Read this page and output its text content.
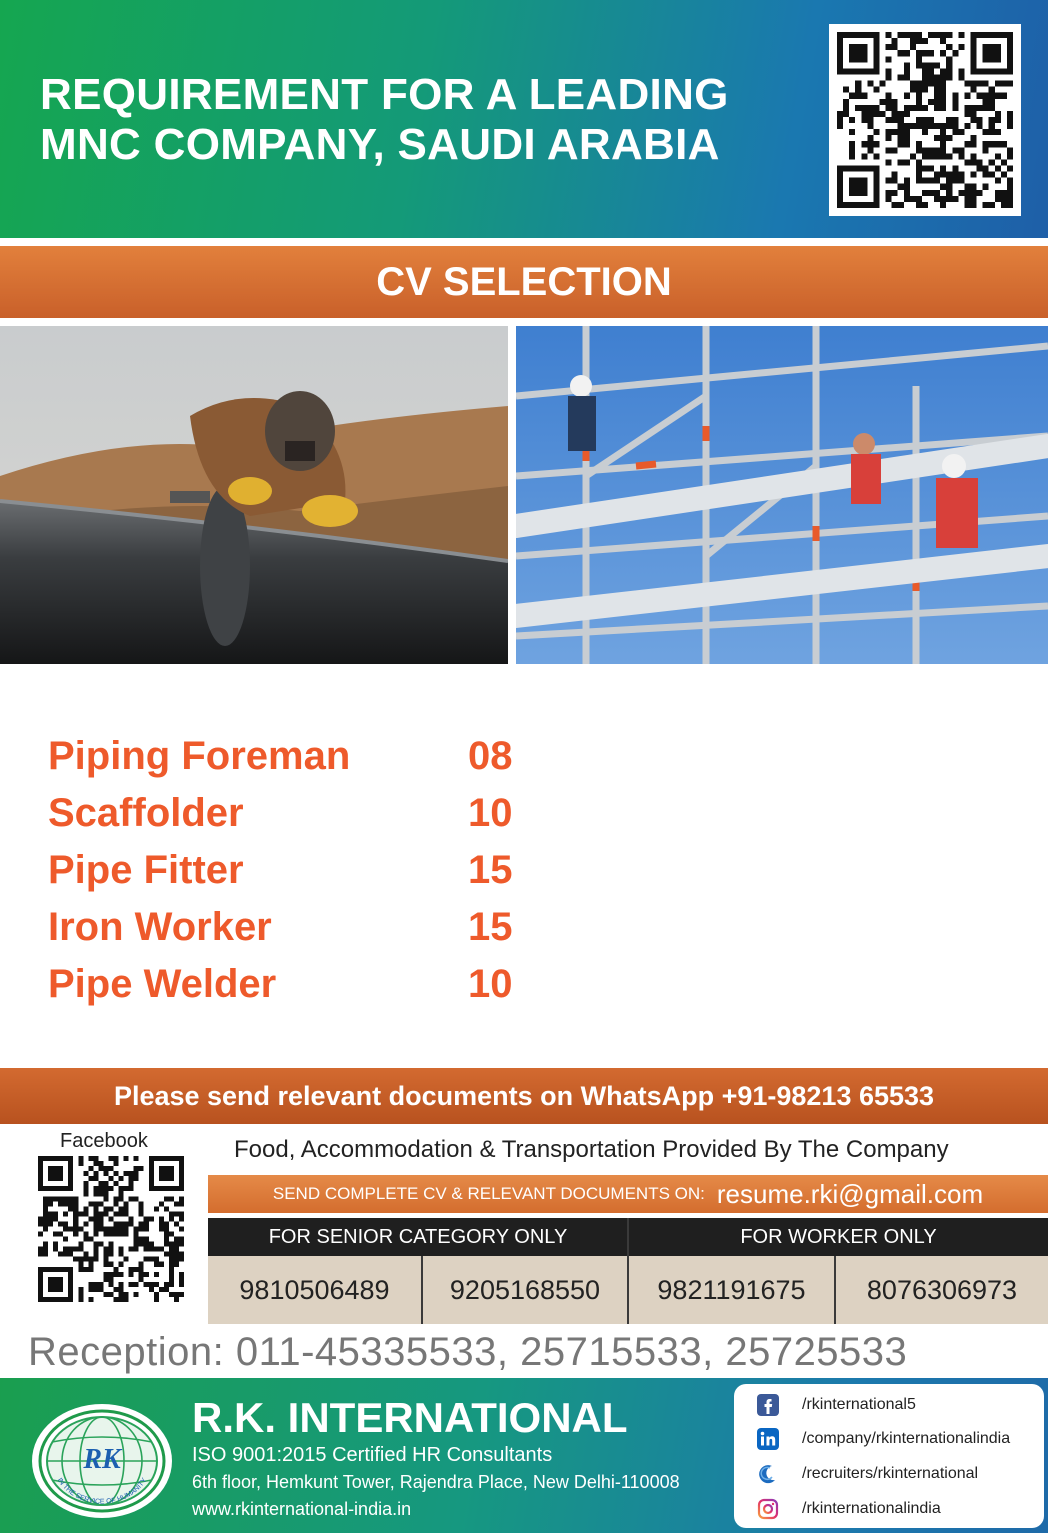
REQUIREMENT FOR A LEADING
MNC COMPANY, SAUDI ARABIA
CV SELECTION
Piping Foreman	08
Scaffolder	10
Pipe Fitter	15
Iron Worker	15
Pipe Welder	10
Please send relevant documents on WhatsApp +91-98213 65533
Facebook	Food, Accommodation & Transportation Provided By The Company
SEND COMPLETE CV & RELEVANT DOCUMENTS ON: resume.rki@gmail.com
FOR SENIOR CATEGORY ONLY	FOR WORKER ONLY
9810506489	9205168550	9821191675	8076306973
Reception: 011-45335533, 25715533, 25725533
RK
IN THE SERVICE OF HUMANITY
R.K. INTERNATIONAL
ISO 9001:2015 Certified HR Consultants
6th floor, Hemkunt Tower, Rajendra Place, New Delhi-110008
www.rkinternational-india.in
/rkinternational5
/company/rkinternationalindia
/recruiters/rkinternational
/rkinternationalindia
